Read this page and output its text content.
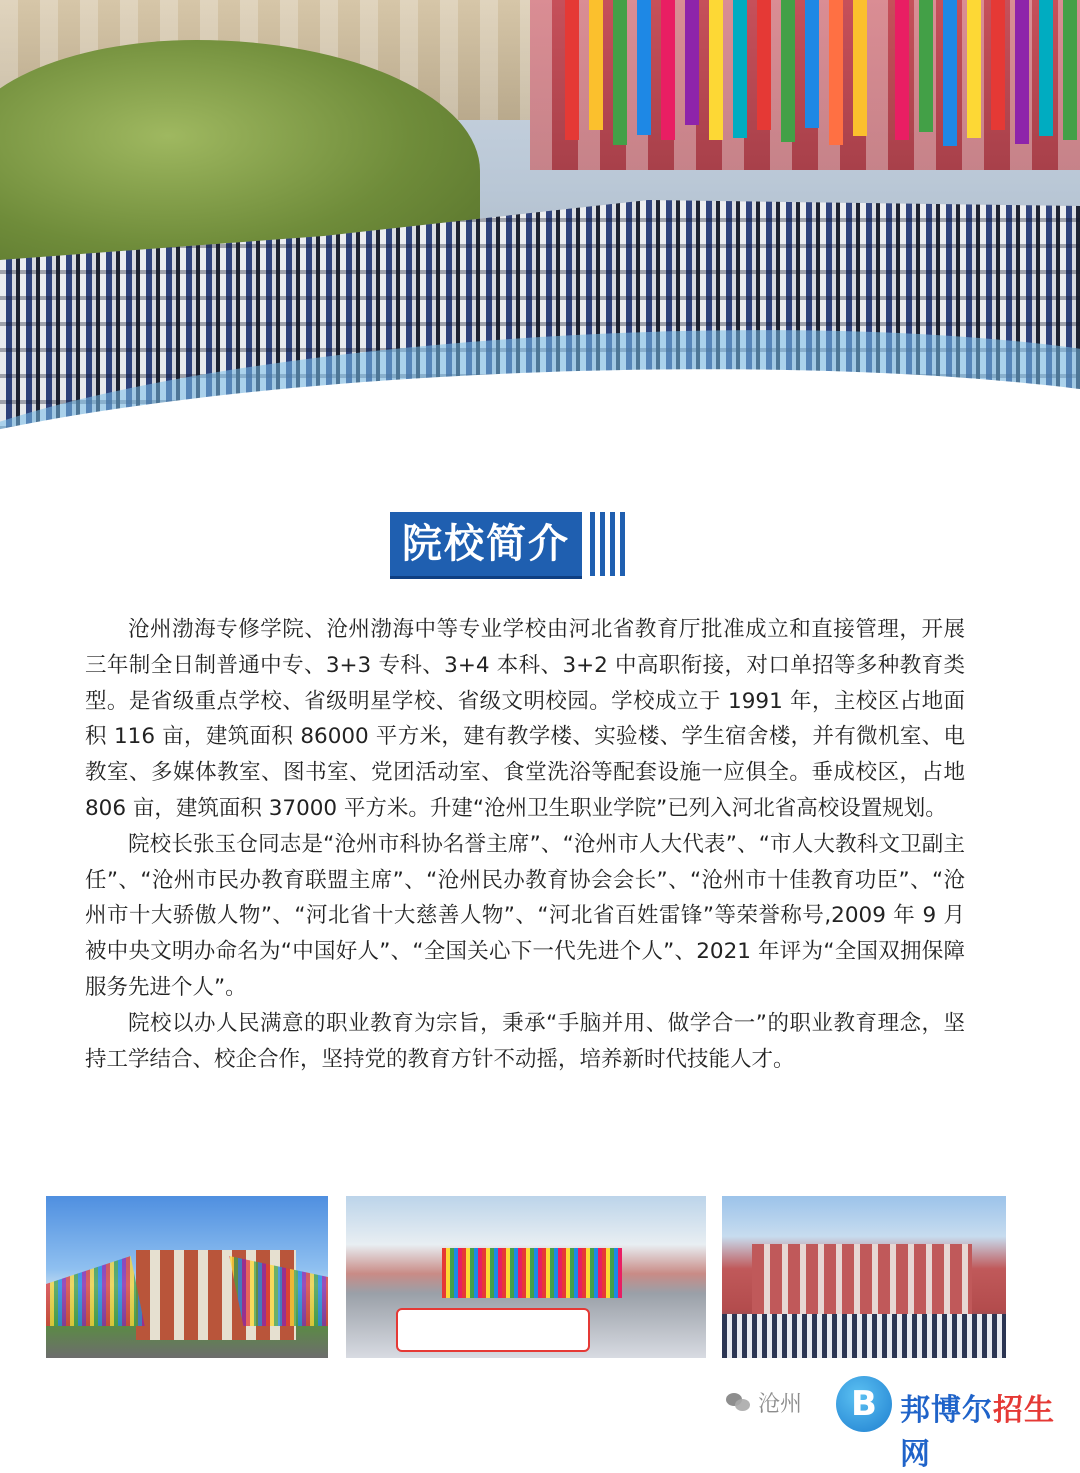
院校简介

沧州渤海专修学院、沧州渤海中等专业学校由河北省教育厅批准成立和直接管理，开展三年制全日制普通中专、3+3 专科、3+4 本科、3+2 中高职衔接，对口单招等多种教育类型。是省级重点学校、省级明星学校、省级文明校园。学校成立于 1991 年，主校区占地面积 116 亩，建筑面积 86000 平方米，建有教学楼、实验楼、学生宿舍楼，并有微机室、电教室、多媒体教室、图书室、党团活动室、食堂洗浴等配套设施一应俱全。垂成校区，占地 806 亩，建筑面积 37000 平方米。升建“沧州卫生职业学院”已列入河北省高校设置规划。

院校长张玉仓同志是“沧州市科协名誉主席”、“沧州市人大代表”、“市人大教科文卫副主任”、“沧州市民办教育联盟主席”、“沧州民办教育协会会长”、“沧州市十佳教育功臣”、“沧州市十大骄傲人物”、“河北省十大慈善人物”、“河北省百姓雷锋”等荣誉称号,2009 年 9 月被中央文明办命名为“中国好人”、“全国关心下一代先进个人”、2021 年评为“全国双拥保障服务先进个人”。

院校以办人民满意的职业教育为宗旨，秉承“手脑并用、做学合一”的职业教育理念，坚持工学结合、校企合作，坚持党的教育方针不动摇，培养新时代技能人才。

沧州	B 邦博尔招生网
